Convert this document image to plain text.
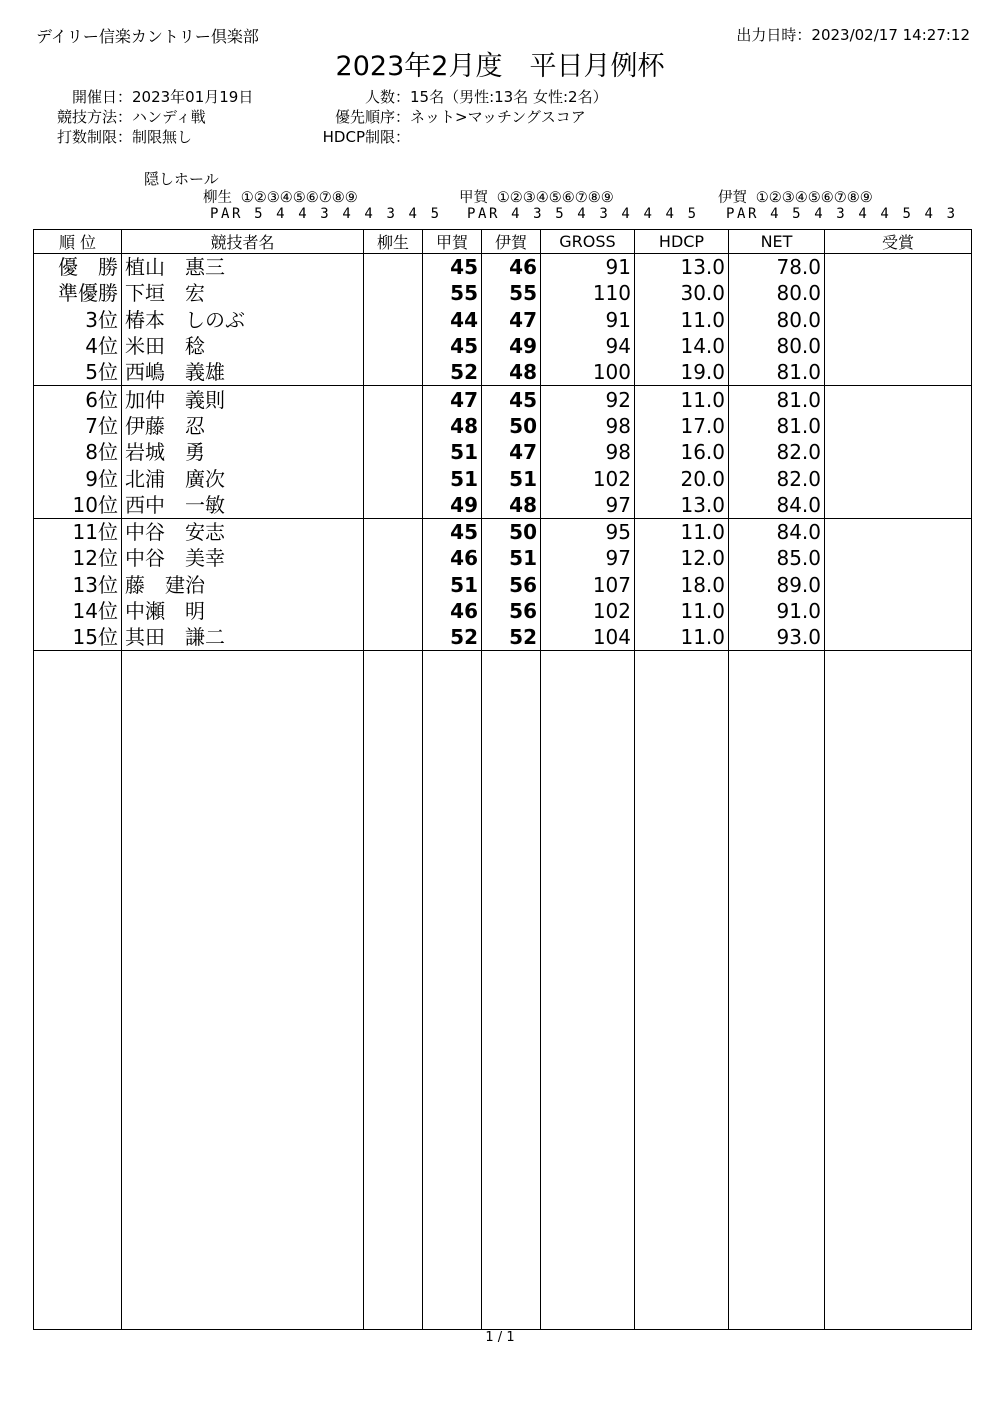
デイリー信楽カントリー倶楽部	出力日時：2023/02/17 14:27:12
2023年2月度　平日月例杯
開催日：2023年01月19日
競技方法：ハンディ戦
打数制限：制限無し
人数：15名（男性:13名 女性:2名）
優先順序：ネット>マッチングスコア
HDCP制限：
隠しホール
柳生 ①②③④⑤⑥⑦⑧⑨
PAR 5 4 4 3 4 4 3 4 5
甲賀 ①②③④⑤⑥⑦⑧⑨
PAR 4 3 5 4 3 4 4 4 5
伊賀 ①②③④⑤⑥⑦⑧⑨
PAR 4 5 4 3 4 4 5 4 3
順 位	競技者名	柳生	甲賀	伊賀	GROSS	HDCP	NET	受賞
優　勝	植山　惠三		45	46	91	13.0	78.0	
準優勝	下垣　宏		55	55	110	30.0	80.0	
3位	椿本　しのぶ		44	47	91	11.0	80.0	
4位	米田　稔		45	49	94	14.0	80.0	
5位	西嶋　義雄		52	48	100	19.0	81.0	
6位	加仲　義則		47	45	92	11.0	81.0	
7位	伊藤　忍		48	50	98	17.0	81.0	
8位	岩城　勇		51	47	98	16.0	82.0	
9位	北浦　廣次		51	51	102	20.0	82.0	
10位	西中　一敏		49	48	97	13.0	84.0	
11位	中谷　安志		45	50	95	11.0	84.0	
12位	中谷　美幸		46	51	97	12.0	85.0	
13位	藤　建治		51	56	107	18.0	89.0	
14位	中瀬　明		46	56	102	11.0	91.0	
15位	其田　謙二		52	52	104	11.0	93.0	

1 / 1
